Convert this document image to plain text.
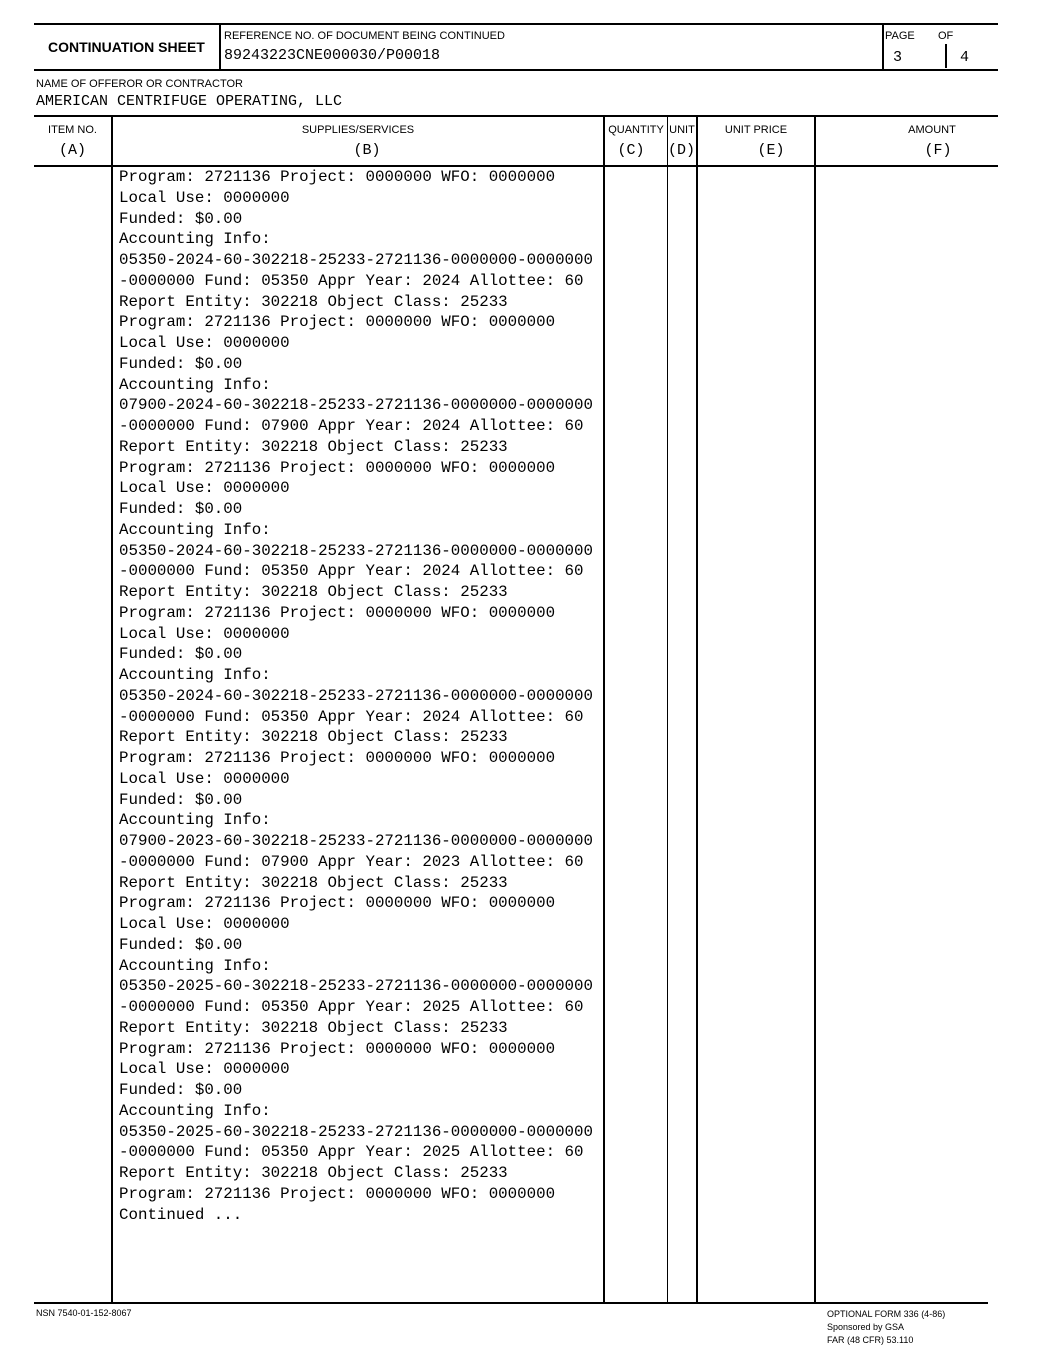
CONTINUATION SHEET
REFERENCE NO. OF DOCUMENT BEING CONTINUED
89243223CNE000030/P00018
PAGE OF
3	4
NAME OF OFFEROR OR CONTRACTOR
AMERICAN CENTRIFUGE OPERATING, LLC
ITEM NO.	SUPPLIES/SERVICES	QUANTITY UNIT	UNIT PRICE	AMOUNT
(A)	(B)	(C)	(D)	(E)	(F)
Program: 2721136 Project: 0000000 WFO: 0000000
Local Use: 0000000
Funded: $0.00
Accounting Info:
05350-2024-60-302218-25233-2721136-0000000-0000000
-0000000 Fund: 05350 Appr Year: 2024 Allottee: 60
Report Entity: 302218 Object Class: 25233
Program: 2721136 Project: 0000000 WFO: 0000000
Local Use: 0000000
Funded: $0.00
Accounting Info:
07900-2024-60-302218-25233-2721136-0000000-0000000
-0000000 Fund: 07900 Appr Year: 2024 Allottee: 60
Report Entity: 302218 Object Class: 25233
Program: 2721136 Project: 0000000 WFO: 0000000
Local Use: 0000000
Funded: $0.00
Accounting Info:
05350-2024-60-302218-25233-2721136-0000000-0000000
-0000000 Fund: 05350 Appr Year: 2024 Allottee: 60
Report Entity: 302218 Object Class: 25233
Program: 2721136 Project: 0000000 WFO: 0000000
Local Use: 0000000
Funded: $0.00
Accounting Info:
05350-2024-60-302218-25233-2721136-0000000-0000000
-0000000 Fund: 05350 Appr Year: 2024 Allottee: 60
Report Entity: 302218 Object Class: 25233
Program: 2721136 Project: 0000000 WFO: 0000000
Local Use: 0000000
Funded: $0.00
Accounting Info:
07900-2023-60-302218-25233-2721136-0000000-0000000
-0000000 Fund: 07900 Appr Year: 2023 Allottee: 60
Report Entity: 302218 Object Class: 25233
Program: 2721136 Project: 0000000 WFO: 0000000
Local Use: 0000000
Funded: $0.00
Accounting Info:
05350-2025-60-302218-25233-2721136-0000000-0000000
-0000000 Fund: 05350 Appr Year: 2025 Allottee: 60
Report Entity: 302218 Object Class: 25233
Program: 2721136 Project: 0000000 WFO: 0000000
Local Use: 0000000
Funded: $0.00
Accounting Info:
05350-2025-60-302218-25233-2721136-0000000-0000000
-0000000 Fund: 05350 Appr Year: 2025 Allottee: 60
Report Entity: 302218 Object Class: 25233
Program: 2721136 Project: 0000000 WFO: 0000000
Continued ...
NSN 7540-01-152-8067	OPTIONAL FORM 336 (4-86)
Sponsored by GSA
FAR (48 CFR) 53.110
